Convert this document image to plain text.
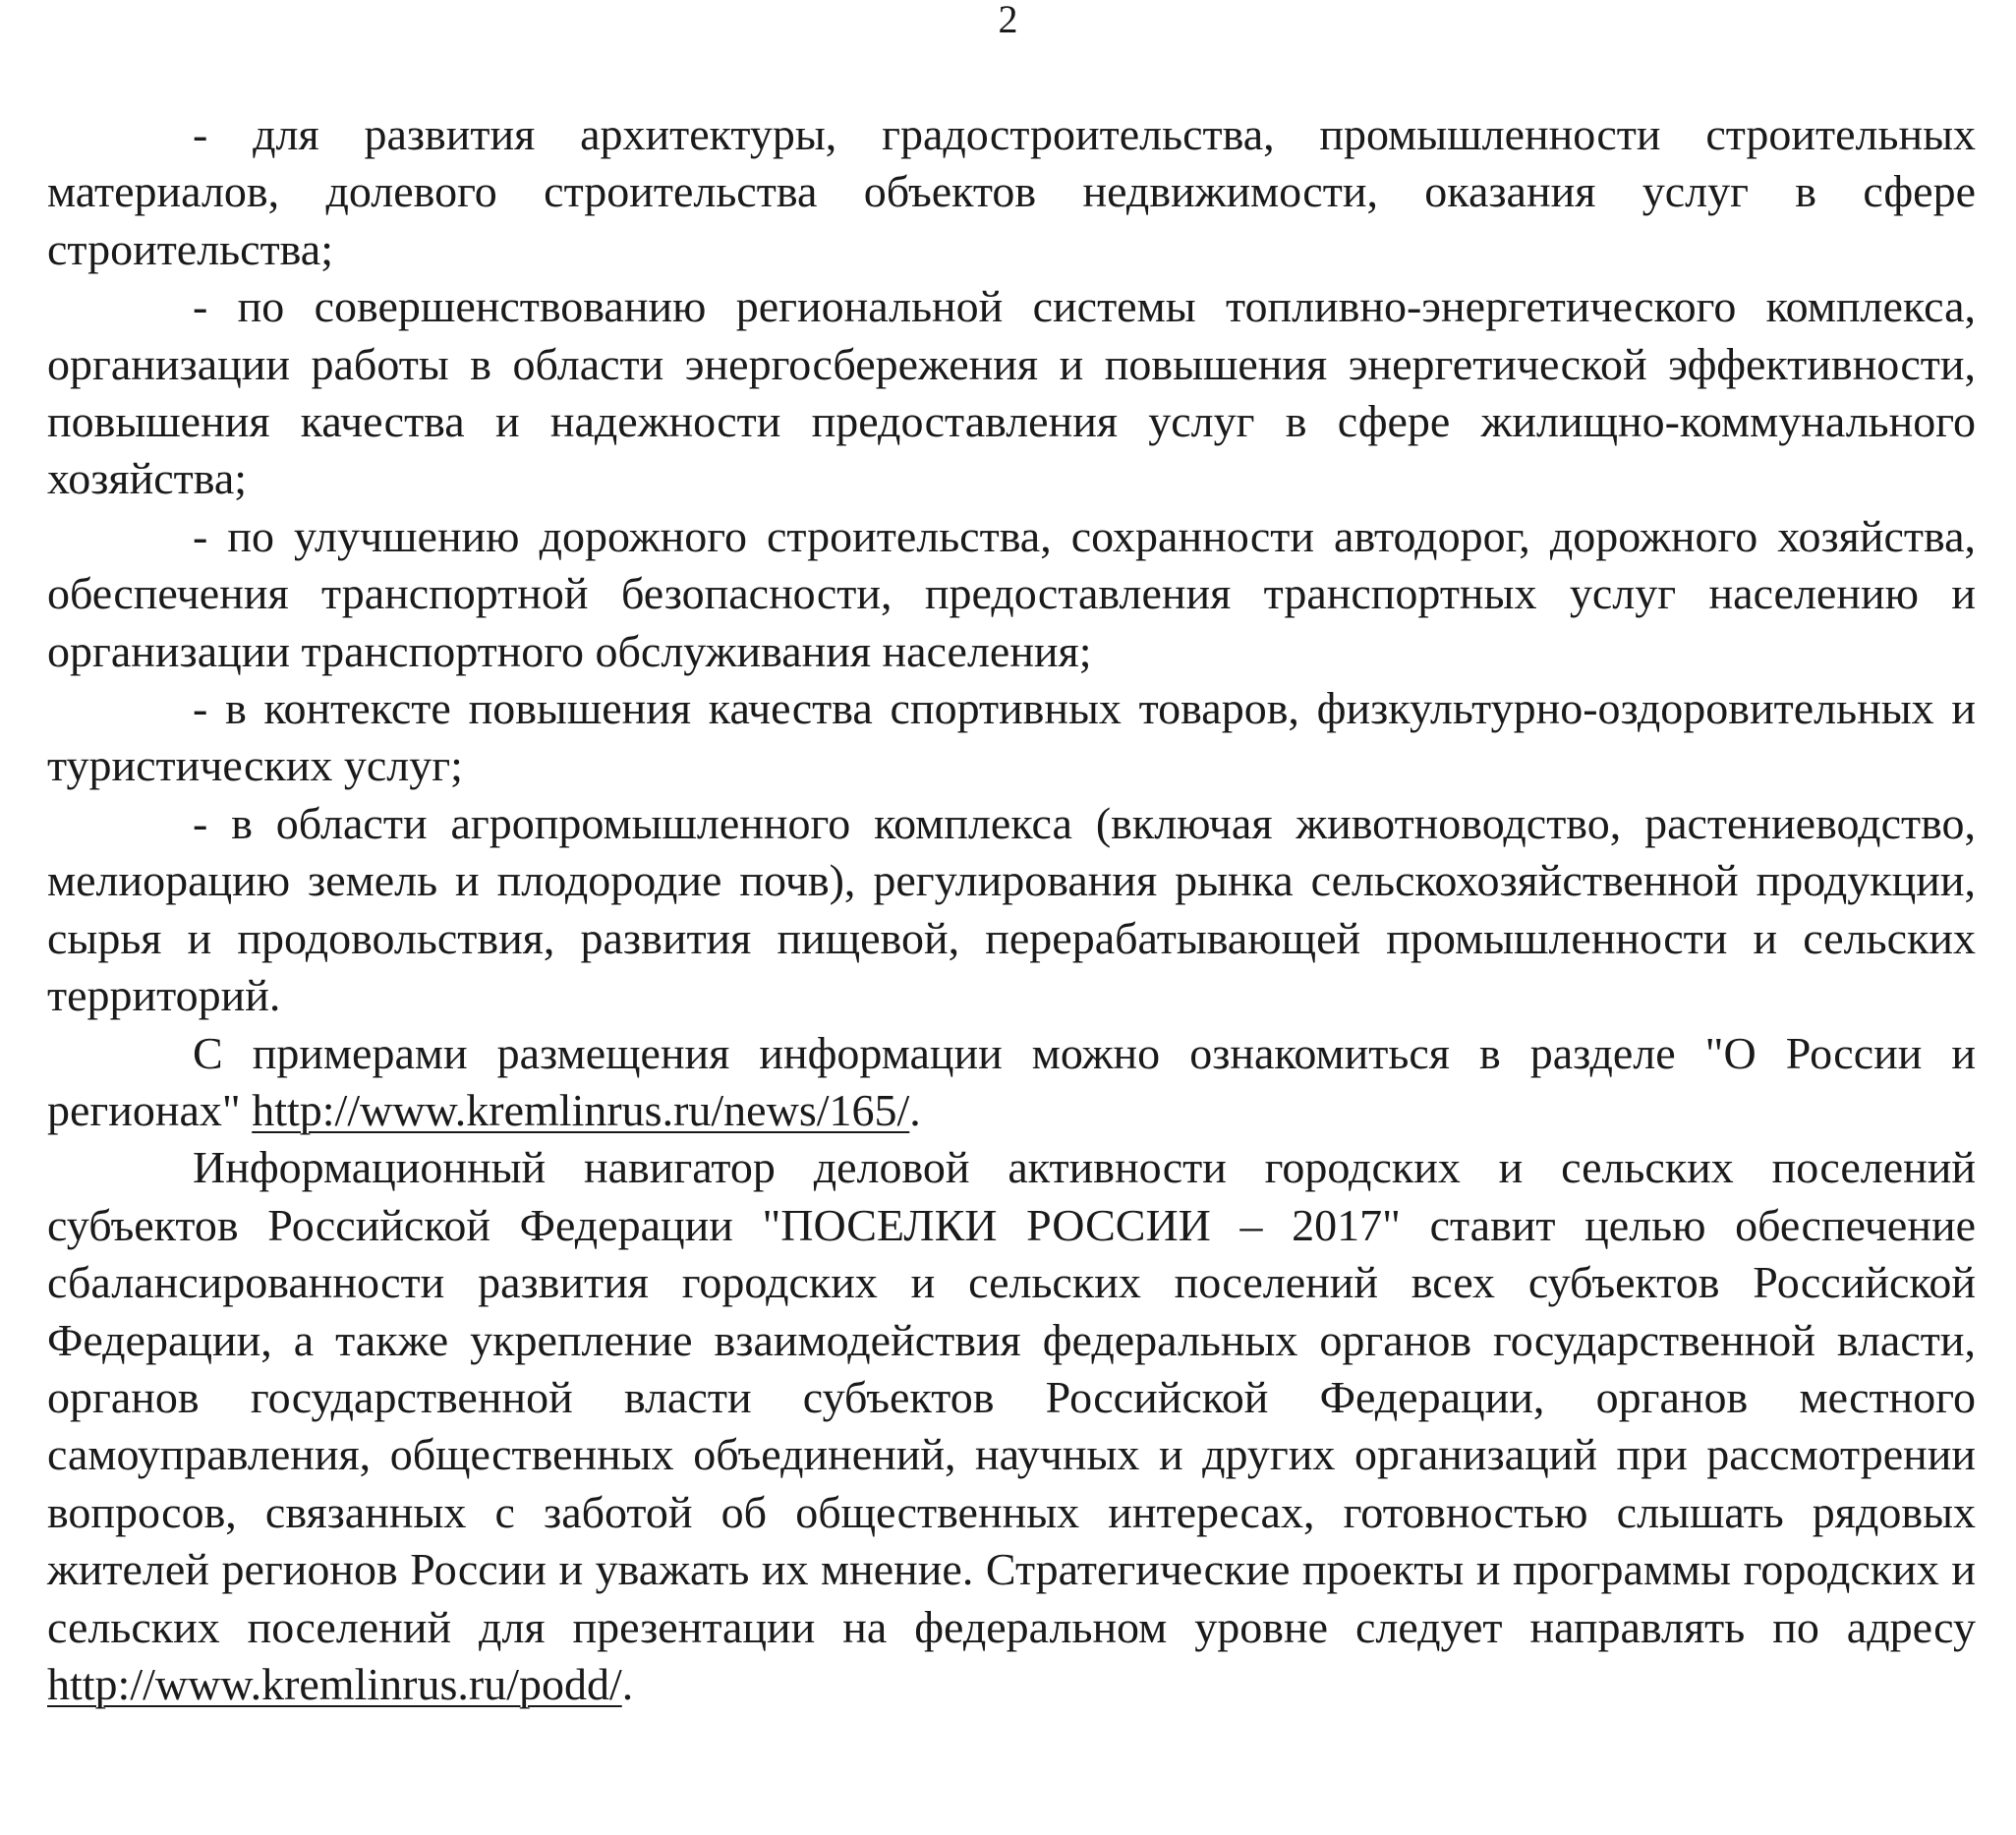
2

- для развития архитектуры, градостроительства, промышленности строительных материалов, долевого строительства объектов недвижимости, оказания услуг в сфере строительства;

- по совершенствованию региональной системы топливно-энергетического комплекса, организации работы в области энергосбережения и повышения энергетической эффективности, повышения качества и надежности предоставления услуг в сфере жилищно-коммунального хозяйства;

- по улучшению дорожного строительства, сохранности автодорог, дорожного хозяйства, обеспечения транспортной безопасности, предоставления транспортных услуг населению и организации транспортного обслуживания населения;

- в контексте повышения качества спортивных товаров, физкультурно-оздоровительных и туристических услуг;

- в области агропромышленного комплекса (включая животноводство, растениеводство, мелиорацию земель и плодородие почв), регулирования рынка сельскохозяйственной продукции, сырья и продовольствия, развития пищевой, перерабатывающей промышленности и сельских территорий.

С примерами размещения информации можно ознакомиться в разделе "О России и регионах" http://www.kremlinrus.ru/news/165/.

Информационный навигатор деловой активности городских и сельских поселений субъектов Российской Федерации "ПОСЕЛКИ РОССИИ – 2017" ставит целью обеспечение сбалансированности развития городских и сельских поселений всех субъектов Российской Федерации, а также укрепление взаимодействия федеральных органов государственной власти, органов государственной власти субъектов Российской Федерации, органов местного самоуправления, общественных объединений, научных и других организаций при рассмотрении вопросов, связанных с заботой об общественных интересах, готовностью слышать рядовых жителей регионов России и уважать их мнение. Стратегические проекты и программы городских и сельских поселений для презентации на федеральном уровне следует направлять по адресу http://www.kremlinrus.ru/podd/.
